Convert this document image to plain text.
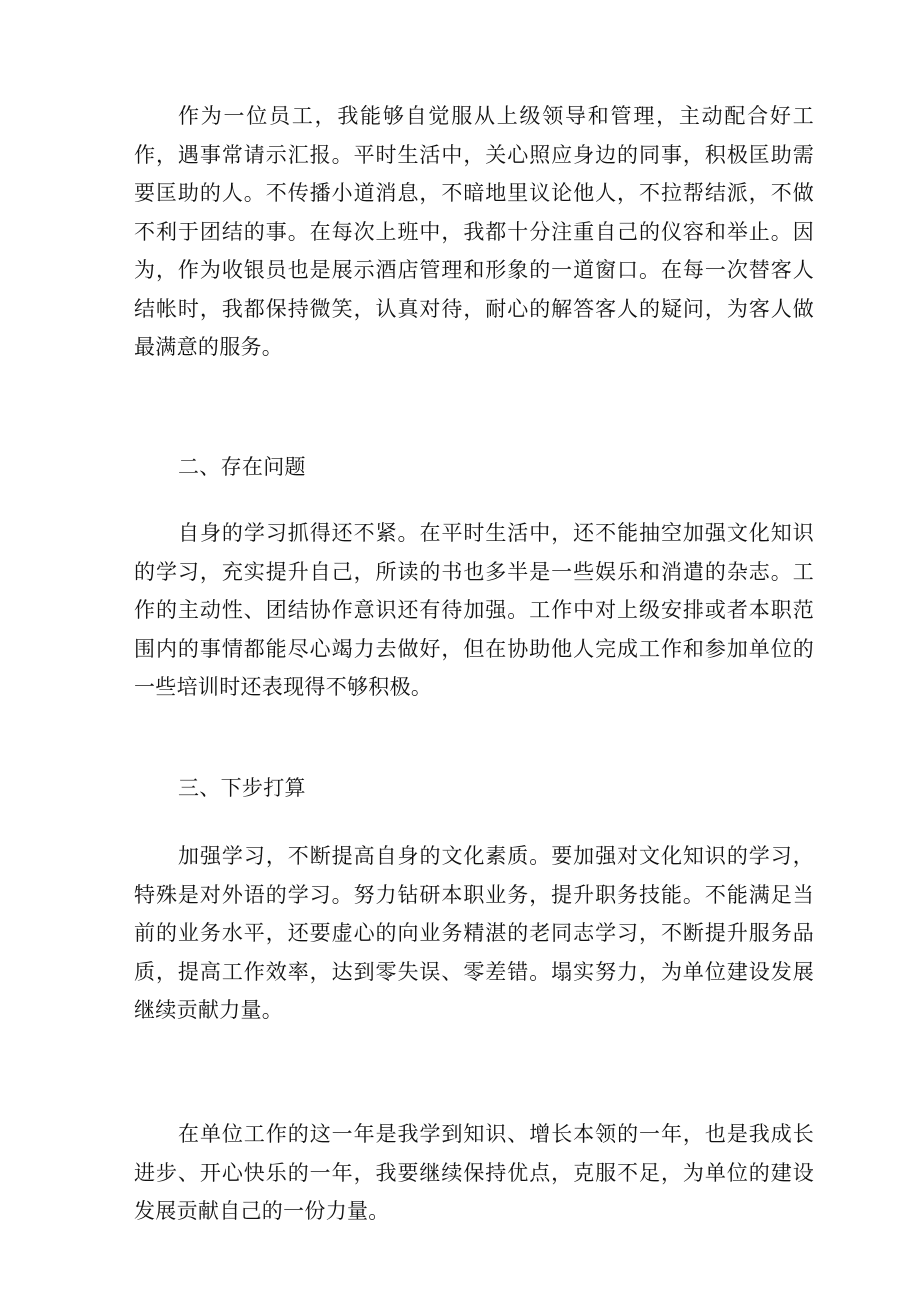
作为一位员工，我能够自觉服从上级领导和管理，主动配合好工作，遇事常请示汇报。平时生活中，关心照应身边的同事，积极匡助需要匡助的人。不传播小道消息，不暗地里议论他人，不拉帮结派，不做不利于团结的事。在每次上班中，我都十分注重自己的仪容和举止。因为，作为收银员也是展示酒店管理和形象的一道窗口。在每一次替客人结帐时，我都保持微笑，认真对待，耐心的解答客人的疑问，为客人做最满意的服务。

二、存在问题

自身的学习抓得还不紧。在平时生活中，还不能抽空加强文化知识的学习，充实提升自己，所读的书也多半是一些娱乐和消遣的杂志。工作的主动性、团结协作意识还有待加强。工作中对上级安排或者本职范围内的事情都能尽心竭力去做好，但在协助他人完成工作和参加单位的一些培训时还表现得不够积极。

三、下步打算

加强学习，不断提高自身的文化素质。要加强对文化知识的学习，特殊是对外语的学习。努力钻研本职业务，提升职务技能。不能满足当前的业务水平，还要虚心的向业务精湛的老同志学习，不断提升服务品质，提高工作效率，达到零失误、零差错。塌实努力，为单位建设发展继续贡献力量。

在单位工作的这一年是我学到知识、增长本领的一年，也是我成长进步、开心快乐的一年，我要继续保持优点，克服不足，为单位的建设发展贡献自己的一份力量。
